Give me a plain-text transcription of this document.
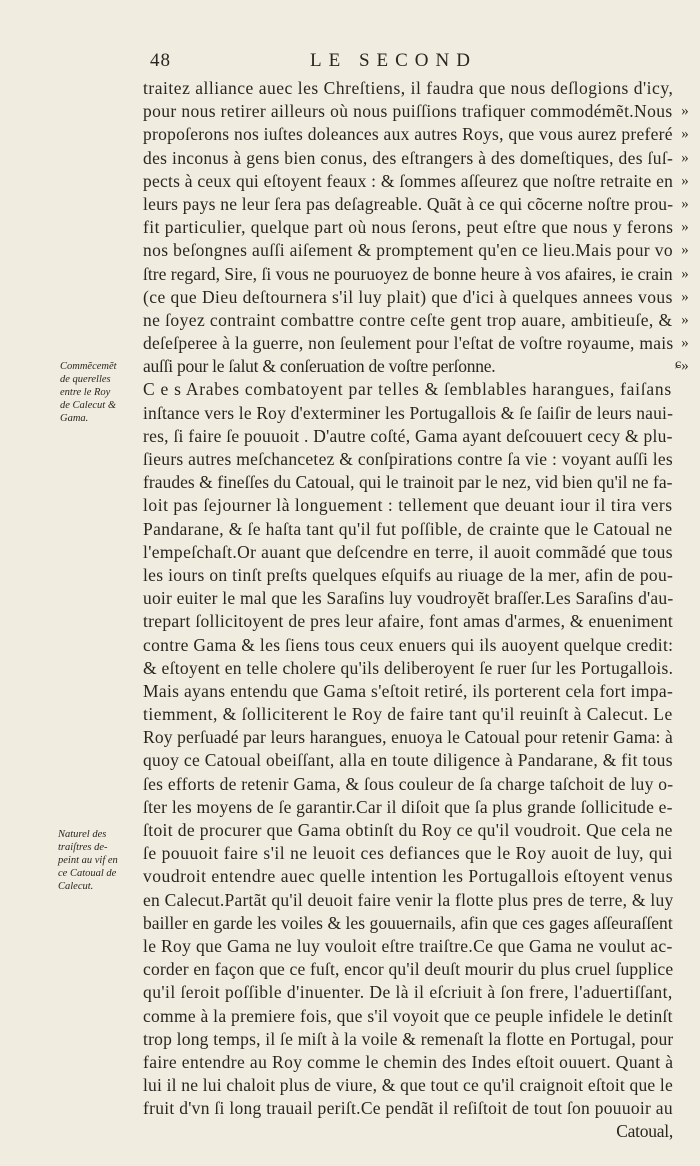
48	LE SECOND
traitez alliance auec les Chreſtiens, il faudra que nous deſlogions d'icy,
pour nous retirer ailleurs où nous puiſſions trafiquer commodémẽt.Nous
propoſerons nos iuſtes doleances aux autres Roys, que vous aurez preferé
des inconus à gens bien conus, des eſtrangers à des domeſtiques, des ſuſ-
pects à ceux qui eſtoyent feaux : & ſommes aſſeurez que noſtre retraite en
leurs pays ne leur ſera pas deſagreable. Quãt à ce qui cõcerne noſtre prou-
fit particulier, quelque part où nous ſerons, peut eſtre que nous y ferons
nos beſongnes auſſi aiſement & promptement qu'en ce lieu.Mais pour vo
ſtre regard, Sire, ſi vous ne pouruoyez de bonne heure à vos afaires, ie crain
(ce que Dieu deſtournera s'il luy plait) que d'ici à quelques annees vous
ne ſoyez contraint combattre contre ceſte gent trop auare, ambitieuſe, &
deſeſperee à la guerre, non ſeulement pour l'eſtat de voſtre royaume, mais
auſſi pour le ſalut & conſeruation de voſtre perſonne.
C e s Arabes combatoyent par telles & ſemblables harangues, faiſans
inſtance vers le Roy d'exterminer les Portugallois & ſe ſaiſir de leurs naui-
res, ſi faire ſe pouuoit . D'autre coſté, Gama ayant deſcouuert cecy & plu-
ſieurs autres meſchancetez & conſpirations contre ſa vie : voyant auſſi les
fraudes & fineſſes du Catoual, qui le trainoit par le nez, vid bien qu'il ne fa-
loit pas ſejourner là longuement : tellement que deuant iour il tira vers
Pandarane, & ſe haſta tant qu'il fut poſſible, de crainte que le Catoual ne
l'empeſchaſt.Or auant que deſcendre en terre, il auoit commãdé que tous
les iours on tinſt preſts quelques eſquifs au riuage de la mer, afin de pou-
uoir euiter le mal que les Saraſins luy voudroyẽt braſſer.Les Saraſins d'au-
trepart ſollicitoyent de pres leur afaire, font amas d'armes, & enueniment
contre Gama & les ſiens tous ceux enuers qui ils auoyent quelque credit:
& eſtoyent en telle cholere qu'ils deliberoyent ſe ruer ſur les Portugallois.
Mais ayans entendu que Gama s'eſtoit retiré, ils porterent cela fort impa-
tiemment, & ſolliciterent le Roy de faire tant qu'il reuinſt à Calecut. Le
Roy perſuadé par leurs harangues, enuoya le Catoual pour retenir Gama: à
quoy ce Catoual obeiſſant, alla en toute diligence à Pandarane, & fit tous
ſes efforts de retenir Gama, & ſous couleur de ſa charge taſchoit de luy o-
ſter les moyens de ſe garantir.Car il diſoit que ſa plus grande ſollicitude e-
ſtoit de procurer que Gama obtinſt du Roy ce qu'il voudroit. Que cela ne
ſe pouuoit faire s'il ne leuoit ces defiances que le Roy auoit de luy, qui
voudroit entendre auec quelle intention les Portugallois eſtoyent venus
en Calecut.Partãt qu'il deuoit faire venir la flotte plus pres de terre, & luy
bailler en garde les voiles & les gouuernails, afin que ces gages aſſeuraſſent
le Roy que Gama ne luy vouloit eſtre traiſtre.Ce que Gama ne voulut ac-
corder en façon que ce fuſt, encor qu'il deuſt mourir du plus cruel ſupplice
qu'il ſeroit poſſible d'inuenter. De là il eſcriuit à ſon frere, l'aduertiſſant,
comme à la premiere fois, que s'il voyoit que ce peuple infidele le detinſt
trop long temps, il ſe miſt à la voile & remenaſt la flotte en Portugal, pour
faire entendre au Roy comme le chemin des Indes eſtoit ouuert. Quant à
lui il ne lui chaloit plus de viure, & que tout ce qu'il craignoit eſtoit que le
fruit d'vn ſi long trauail periſt.Ce pendãt il reſiſtoit de tout ſon pouuoir au
Catoual,
»
»
»
»
»
»
»
»
»
»
»
»
ɕ
Commẽcemẽt
de querelles
entre le Roy
de Calecut &
Gama.
Naturel des
traiſtres de-
peint au vif en
ce Catoual de
Calecut.
